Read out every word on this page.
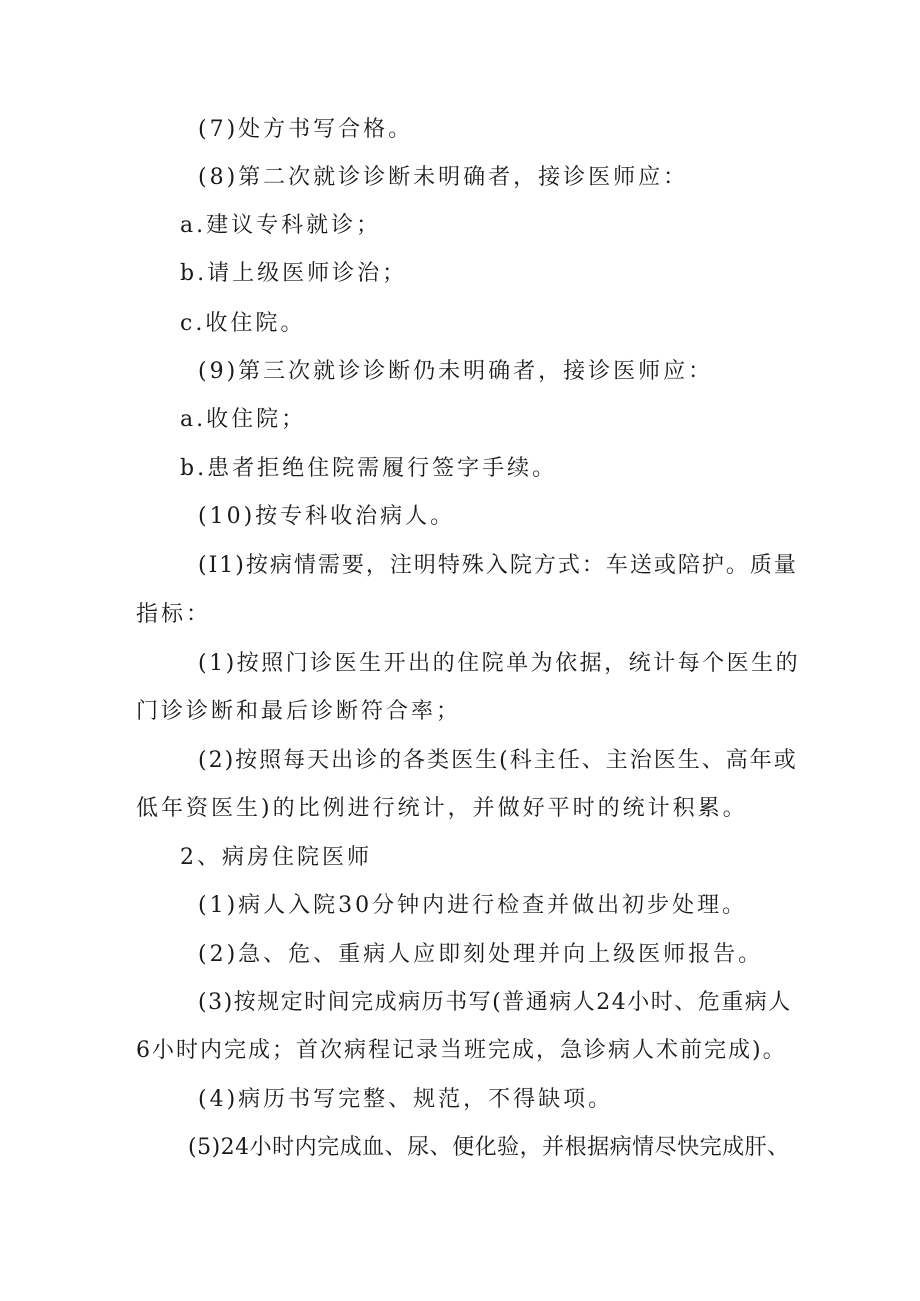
(7)处方书写合格。
(8)第二次就诊诊断未明确者，接诊医师应：
a.建议专科就诊；
b.请上级医师诊治；
c.收住院。
(9)第三次就诊诊断仍未明确者，接诊医师应：
a.收住院；
b.患者拒绝住院需履行签字手续。
(10)按专科收治病人。
(I1)按病情需要，注明特殊入院方式：车送或陪护。质量
指标：
(1)按照门诊医生开出的住院单为依据，统计每个医生的
门诊诊断和最后诊断符合率；
(2)按照每天出诊的各类医生(科主任、主治医生、高年或
低年资医生)的比例进行统计，并做好平时的统计积累。
2、病房住院医师
(1)病人入院30分钟内进行检查并做出初步处理。
(2)急、危、重病人应即刻处理并向上级医师报告。
(3)按规定时间完成病历书写(普通病人24小时、危重病人
6小时内完成；首次病程记录当班完成，急诊病人术前完成)。
(4)病历书写完整、规范，不得缺项。
(5)24小时内完成血、尿、便化验，并根据病情尽快完成肝、
